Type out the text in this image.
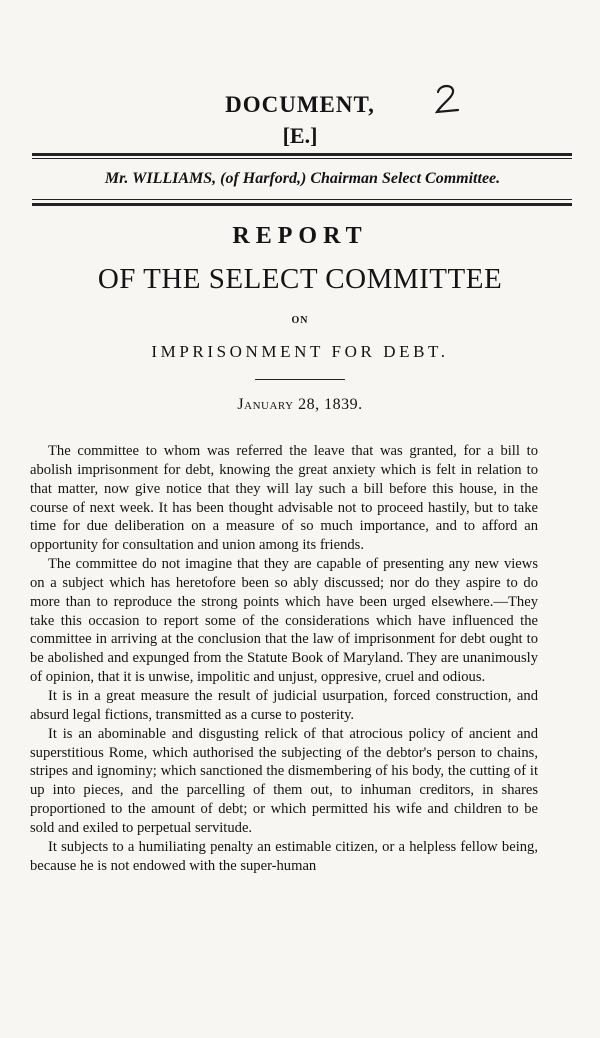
DOCUMENT,
[E.]
Mr. WILLIAMS, (of Harford,) Chairman Select Committee.
REPORT
OF THE SELECT COMMITTEE
ON
IMPRISONMENT FOR DEBT.
January 28, 1839.

The committee to whom was referred the leave that was granted, for a bill to abolish imprisonment for debt, knowing the great anxiety which is felt in relation to that matter, now give notice that they will lay such a bill before this house, in the course of next week. It has been thought advisable not to proceed hastily, but to take time for due deliberation on a measure of so much importance, and to afford an opportunity for consultation and union among its friends.

The committee do not imagine that they are capable of presenting any new views on a subject which has heretofore been so ably discussed; nor do they aspire to do more than to reproduce the strong points which have been urged elsewhere.—They take this occasion to report some of the considerations which have influenced the committee in arriving at the conclusion that the law of imprisonment for debt ought to be abolished and expunged from the Statute Book of Maryland. They are unanimously of opinion, that it is unwise, impolitic and unjust, oppresive, cruel and odious.

It is in a great measure the result of judicial usurpation, forced construction, and absurd legal fictions, transmitted as a curse to posterity.

It is an abominable and disgusting relick of that atrocious policy of ancient and superstitious Rome, which authorised the subjecting of the debtor's person to chains, stripes and ignominy; which sanctioned the dismembering of his body, the cutting of it up into pieces, and the parcelling of them out, to inhuman creditors, in shares proportioned to the amount of debt; or which permitted his wife and children to be sold and exiled to perpetual servitude.

It subjects to a humiliating penalty an estimable citizen, or a helpless fellow being, because he is not endowed with the super-human
